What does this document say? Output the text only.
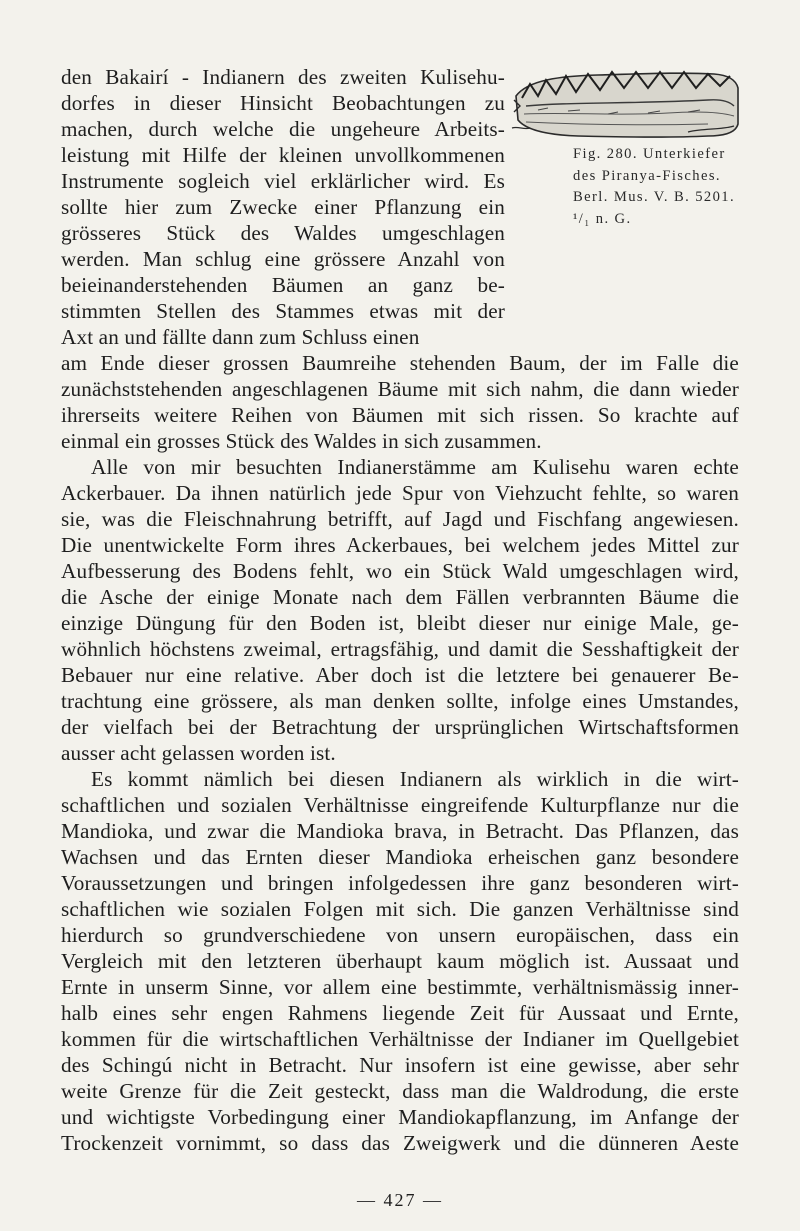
Fig. 280. Unterkiefer
des Piranya-Fisches.
Berl. Mus. V. B. 5201.
¹/₁ n. G.
den Bakairí - Indianern des zweiten Kulisehu-
dorfes in dieser Hinsicht Beobachtungen zu
machen, durch welche die ungeheure Arbeits-
leistung mit Hilfe der kleinen unvollkommenen
Instrumente sogleich viel erklärlicher wird. Es
sollte hier zum Zwecke einer Pflanzung ein
grösseres Stück des Waldes umgeschlagen
werden. Man schlug eine grössere Anzahl von
beieinanderstehenden Bäumen an ganz be-
stimmten Stellen des Stammes etwas mit der
Axt an und fällte dann zum Schluss einen
am Ende dieser grossen Baumreihe stehenden Baum, der im Falle die
zunächststehenden angeschlagenen Bäume mit sich nahm, die dann wieder
ihrerseits weitere Reihen von Bäumen mit sich rissen. So krachte auf
einmal ein grosses Stück des Waldes in sich zusammen.
Alle von mir besuchten Indianerstämme am Kulisehu waren echte
Ackerbauer. Da ihnen natürlich jede Spur von Viehzucht fehlte, so waren
sie, was die Fleischnahrung betrifft, auf Jagd und Fischfang angewiesen.
Die unentwickelte Form ihres Ackerbaues, bei welchem jedes Mittel zur
Aufbesserung des Bodens fehlt, wo ein Stück Wald umgeschlagen wird,
die Asche der einige Monate nach dem Fällen verbrannten Bäume die
einzige Düngung für den Boden ist, bleibt dieser nur einige Male, ge-
wöhnlich höchstens zweimal, ertragsfähig, und damit die Sesshaftigkeit der
Bebauer nur eine relative. Aber doch ist die letztere bei genauerer Be-
trachtung eine grössere, als man denken sollte, infolge eines Umstandes,
der vielfach bei der Betrachtung der ursprünglichen Wirtschaftsformen
ausser acht gelassen worden ist.
Es kommt nämlich bei diesen Indianern als wirklich in die wirt-
schaftlichen und sozialen Verhältnisse eingreifende Kulturpflanze nur die
Mandioka, und zwar die Mandioka brava, in Betracht. Das Pflanzen, das
Wachsen und das Ernten dieser Mandioka erheischen ganz besondere
Voraussetzungen und bringen infolgedessen ihre ganz besonderen wirt-
schaftlichen wie sozialen Folgen mit sich. Die ganzen Verhältnisse sind
hierdurch so grundverschiedene von unsern europäischen, dass ein
Vergleich mit den letzteren überhaupt kaum möglich ist. Aussaat und
Ernte in unserm Sinne, vor allem eine bestimmte, verhältnismässig inner-
halb eines sehr engen Rahmens liegende Zeit für Aussaat und Ernte,
kommen für die wirtschaftlichen Verhältnisse der Indianer im Quellgebiet
des Schingú nicht in Betracht. Nur insofern ist eine gewisse, aber sehr
weite Grenze für die Zeit gesteckt, dass man die Waldrodung, die erste
und wichtigste Vorbedingung einer Mandiokapflanzung, im Anfange der
Trockenzeit vornimmt, so dass das Zweigwerk und die dünneren Aeste
— 427 —
